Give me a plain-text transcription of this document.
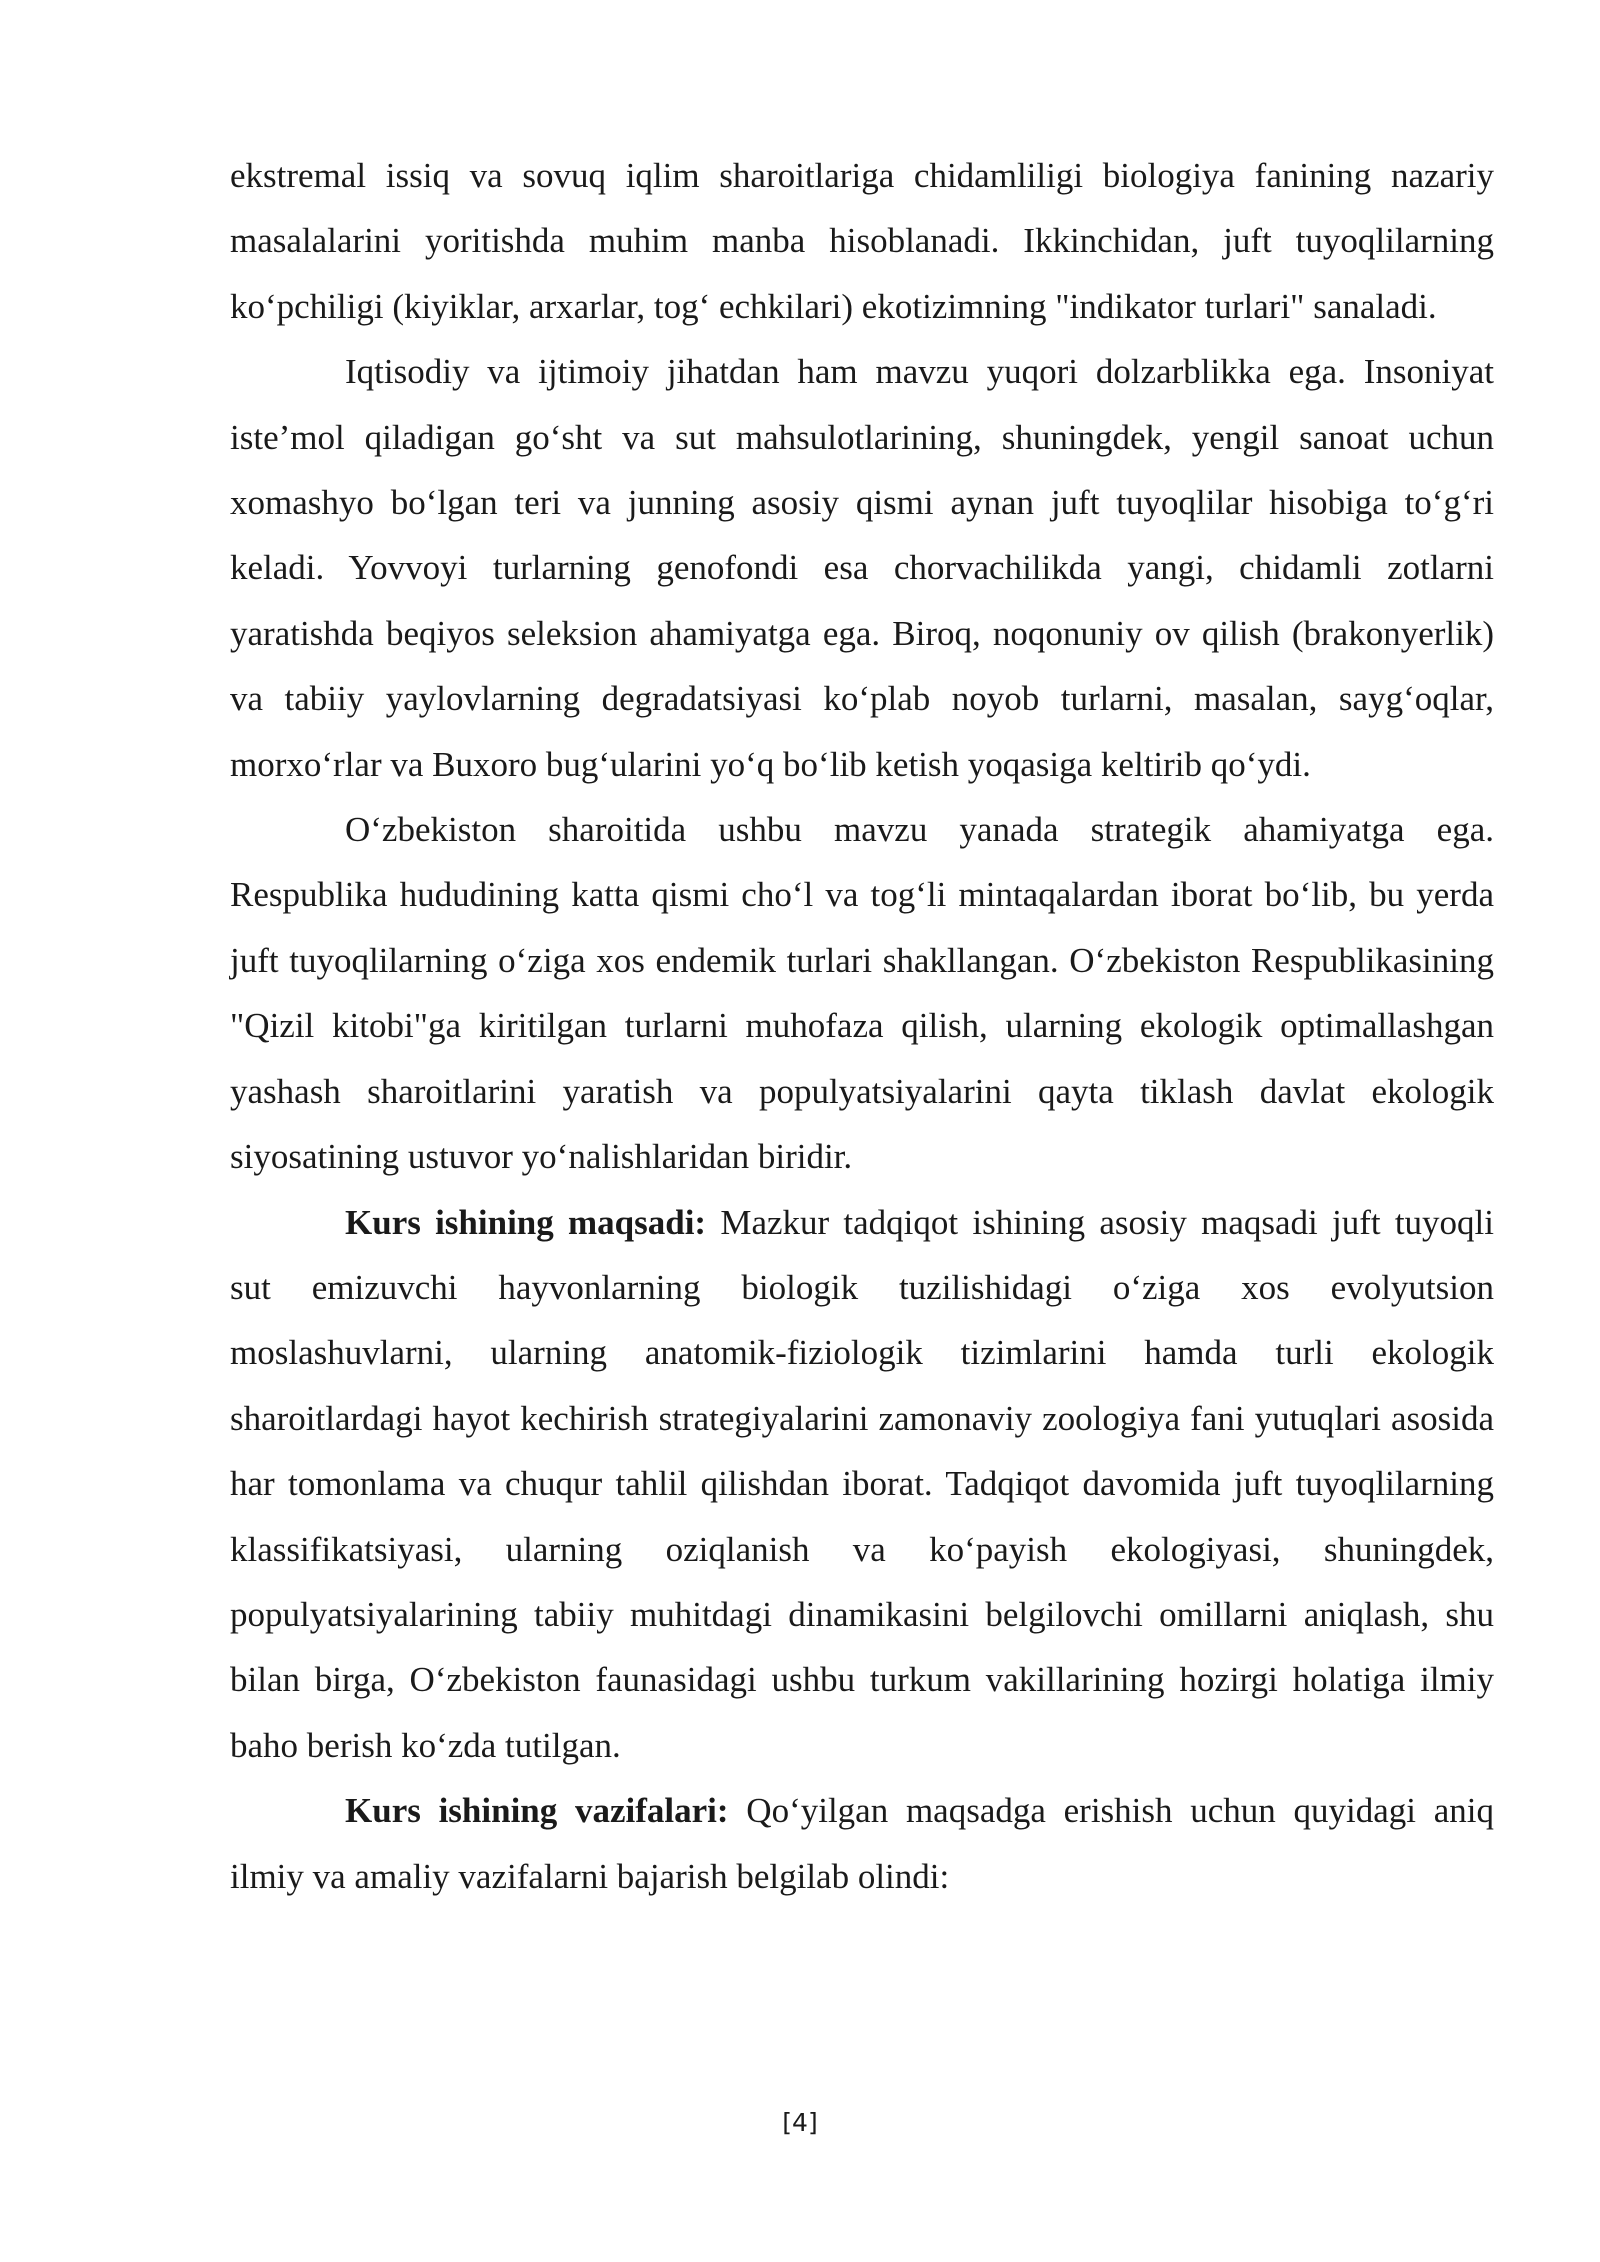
ekstremal issiq va sovuq iqlim sharoitlariga chidamliligi biologiya fanining nazariy masalalarini yoritishda muhim manba hisoblanadi. Ikkinchidan, juft tuyoqlilarning ko‘pchiligi (kiyiklar, arxarlar, tog‘ echkilari) ekotizimning "indikator turlari" sanaladi.

Iqtisodiy va ijtimoiy jihatdan ham mavzu yuqori dolzarblikka ega. Insoniyat iste’mol qiladigan go‘sht va sut mahsulotlarining, shuningdek, yengil sanoat uchun xomashyo bo‘lgan teri va junning asosiy qismi aynan juft tuyoqlilar hisobiga to‘g‘ri keladi. Yovvoyi turlarning genofondi esa chorvachilikda yangi, chidamli zotlarni yaratishda beqiyos seleksion ahamiyatga ega. Biroq, noqonuniy ov qilish (brakonyerlik) va tabiiy yaylovlarning degradatsiyasi ko‘plab noyob turlarni, masalan, sayg‘oqlar, morxo‘rlar va Buxoro bug‘ularini yo‘q bo‘lib ketish yoqasiga keltirib qo‘ydi.

O‘zbekiston sharoitida ushbu mavzu yanada strategik ahamiyatga ega. Respublika hududining katta qismi cho‘l va tog‘li mintaqalardan iborat bo‘lib, bu yerda juft tuyoqlilarning o‘ziga xos endemik turlari shakllangan. O‘zbekiston Respublikasining "Qizil kitobi"ga kiritilgan turlarni muhofaza qilish, ularning ekologik optimallashgan yashash sharoitlarini yaratish va populyatsiyalarini qayta tiklash davlat ekologik siyosatining ustuvor yo‘nalishlaridan biridir.

Kurs ishining maqsadi: Mazkur tadqiqot ishining asosiy maqsadi juft tuyoqli sut emizuvchi hayvonlarning biologik tuzilishidagi o‘ziga xos evolyutsion moslashuvlarni, ularning anatomik-fiziologik tizimlarini hamda turli ekologik sharoitlardagi hayot kechirish strategiyalarini zamonaviy zoologiya fani yutuqlari asosida har tomonlama va chuqur tahlil qilishdan iborat. Tadqiqot davomida juft tuyoqlilarning klassifikatsiyasi, ularning oziqlanish va ko‘payish ekologiyasi, shuningdek, populyatsiyalarining tabiiy muhitdagi dinamikasini belgilovchi omillarni aniqlash, shu bilan birga, O‘zbekiston faunasidagi ushbu turkum vakillarining hozirgi holatiga ilmiy baho berish ko‘zda tutilgan.

Kurs ishining vazifalari: Qo‘yilgan maqsadga erishish uchun quyidagi aniq ilmiy va amaliy vazifalarni bajarish belgilab olindi:

[4]
